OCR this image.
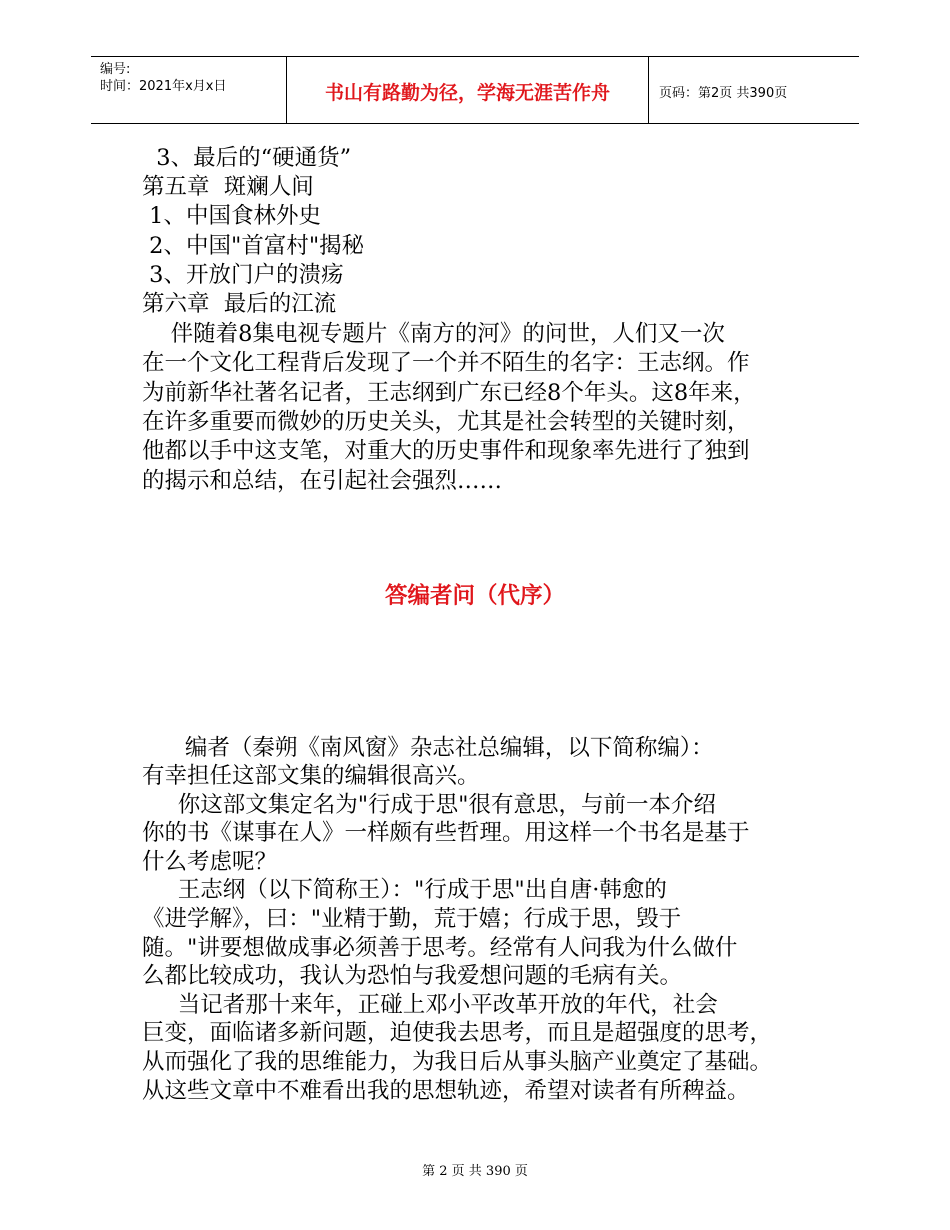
编号:
时间：2021年x月x日	书山有路勤为径，学海无涯苦作舟	页码：第2页 共390页
3、最后的“硬通货”
第五章  斑斓人间
1、中国食林外史
2、中国"首富村"揭秘
3、开放门户的溃疡
第六章  最后的江流
伴随着8集电视专题片《南方的河》的问世，人们又一次
在一个文化工程背后发现了一个并不陌生的名字：王志纲。作
为前新华社著名记者，王志纲到广东已经8个年头。这8年来，
在许多重要而微妙的历史关头，尤其是社会转型的关键时刻，
他都以手中这支笔，对重大的历史事件和现象率先进行了独到
的揭示和总结，在引起社会强烈……
答编者问（代序）
编者（秦朔《南风窗》杂志社总编辑，以下简称编）：
有幸担任这部文集的编辑很高兴。
你这部文集定名为"行成于思"很有意思，与前一本介绍
你的书《谋事在人》一样颇有些哲理。用这样一个书名是基于
什么考虑呢？
王志纲（以下简称王）："行成于思"出自唐·韩愈的
《进学解》，曰："业精于勤，荒于嬉；行成于思，毁于
随。"讲要想做成事必须善于思考。经常有人问我为什么做什
么都比较成功，我认为恐怕与我爱想问题的毛病有关。
当记者那十来年，正碰上邓小平改革开放的年代，社会
巨变，面临诸多新问题，迫使我去思考，而且是超强度的思考，
从而强化了我的思维能力，为我日后从事头脑产业奠定了基础。
从这些文章中不难看出我的思想轨迹，希望对读者有所稗益。
第 2 页 共 390 页
